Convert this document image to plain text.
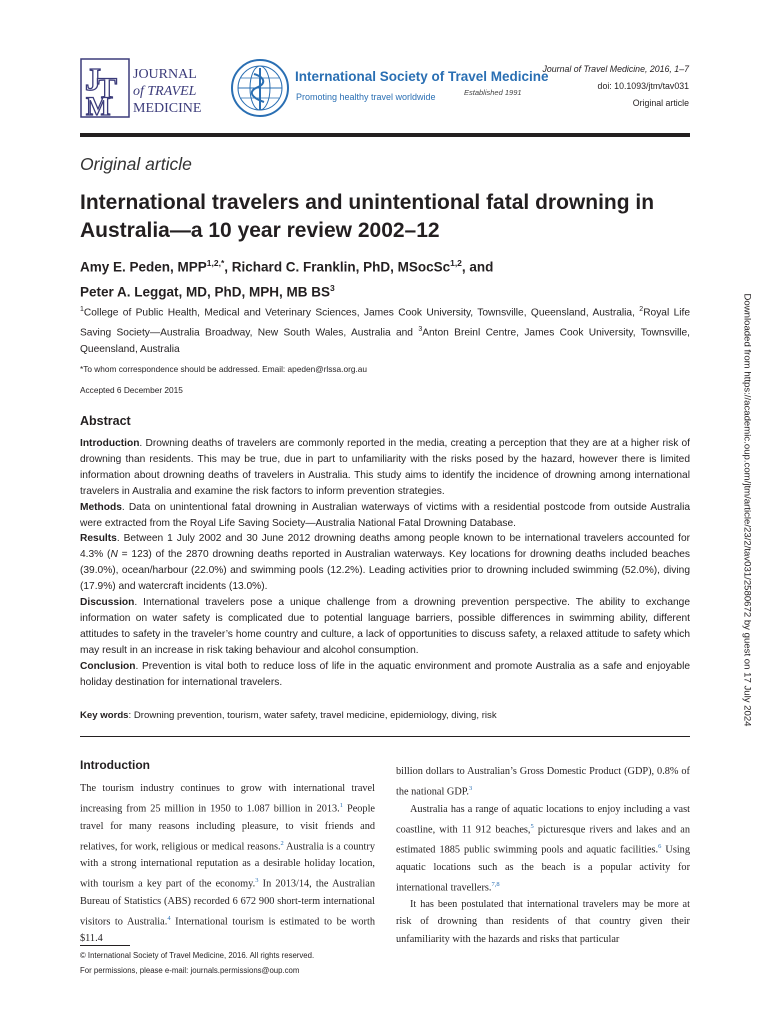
J
T
M
JOURNAL
of TRAVEL
MEDICINE
International Society of Travel Medicine
Promoting healthy travel worldwide	Established 1991
Journal of Travel Medicine, 2016, 1–7
doi: 10.1093/jtm/tav031
Original article
Original article
International travelers and unintentional fatal drowning in Australia—a 10 year review 2002–12
Amy E. Peden, $MPP^{1,2,*}$, Richard C. Franklin, PhD, MSocSc$^{1,2}$, and
Peter A. Leggat, MD, PhD, MPH, MB $BS^3$
$^1$College of Public Health, Medical and Veterinary Sciences, James Cook University, Townsville, Queensland, Australia, $^2$Royal Life Saving Society—Australia Broadway, New South Wales, Australia and $^3$Anton Breinl Centre, James Cook University, Townsville, Queensland, Australia
*To whom correspondence should be addressed. Email: apeden@rlssa.org.au
Accepted 6 December 2015
Abstract

Introduction. Drowning deaths of travelers are commonly reported in the media, creating a perception that they are at a higher risk of drowning than residents. This may be true, due in part to unfamiliarity with the risks posed by the hazard, however there is limited information about drowning deaths of travelers in Australia. This study aims to identify the incidence of drowning among international travelers in Australia and examine the risk factors to inform prevention strategies.

Methods. Data on unintentional fatal drowning in Australian waterways of victims with a residential postcode from outside Australia were extracted from the Royal Life Saving Society—Australia National Fatal Drowning Database.

Results. Between 1 July 2002 and 30 June 2012 drowning deaths among people known to be international travelers accounted for 4.3% (N = 123) of the 2870 drowning deaths reported in Australian waterways. Key locations for drowning deaths included beaches (39.0%), ocean/harbour (22.0%) and swimming pools (12.2%). Leading activities prior to drowning included swimming (52.0%), diving (17.9%) and watercraft incidents (13.0%).

Discussion. International travelers pose a unique challenge from a drowning prevention perspective. The ability to exchange information on water safety is complicated due to potential language barriers, possible differences in swimming ability, different attitudes to safety in the traveler’s home country and culture, a lack of opportunities to discuss safety, a relaxed attitude to safety which may result in an increase in risk taking behaviour and alcohol consumption.

Conclusion. Prevention is vital both to reduce loss of life in the aquatic environment and promote Australia as a safe and enjoyable holiday destination for international travelers.

Key words: Drowning prevention, tourism, water safety, travel medicine, epidemiology, diving, risk
Introduction

The tourism industry continues to grow with international travel increasing from 25 million in 1950 to 1.087 billion in 2013.$^1$ People travel for many reasons including pleasure, to visit friends and relatives, for work, religious or medical reasons.$^2$ Australia is a country with a strong international reputation as a desirable holiday location, with tourism a key part of the economy.$^3$ In 2013/14, the Australian Bureau of Statistics (ABS) recorded 6 672 900 short-term international visitors to Australia.$^4$ International tourism is estimated to be worth $11.4

billion dollars to Australian’s Gross Domestic Product (GDP), 0.8% of the national GDP.$^3$

Australia has a range of aquatic locations to enjoy including a vast coastline, with 11 912 beaches,$^5$ picturesque rivers and lakes and an estimated 1885 public swimming pools and aquatic facilities.$^6$ Using aquatic locations such as the beach is a popular activity for international travellers.$^{7,8}$

It has been postulated that international travelers may be more at risk of drowning than residents of that country given their unfamiliarity with the hazards and risks that particular

© International Society of Travel Medicine, 2016. All rights reserved.
For permissions, please e-mail: journals.permissions@oup.com
Downloaded from https://academic.oup.com/jtm/article/23/2/tav031/2580672 by guest on 17 July 2024
